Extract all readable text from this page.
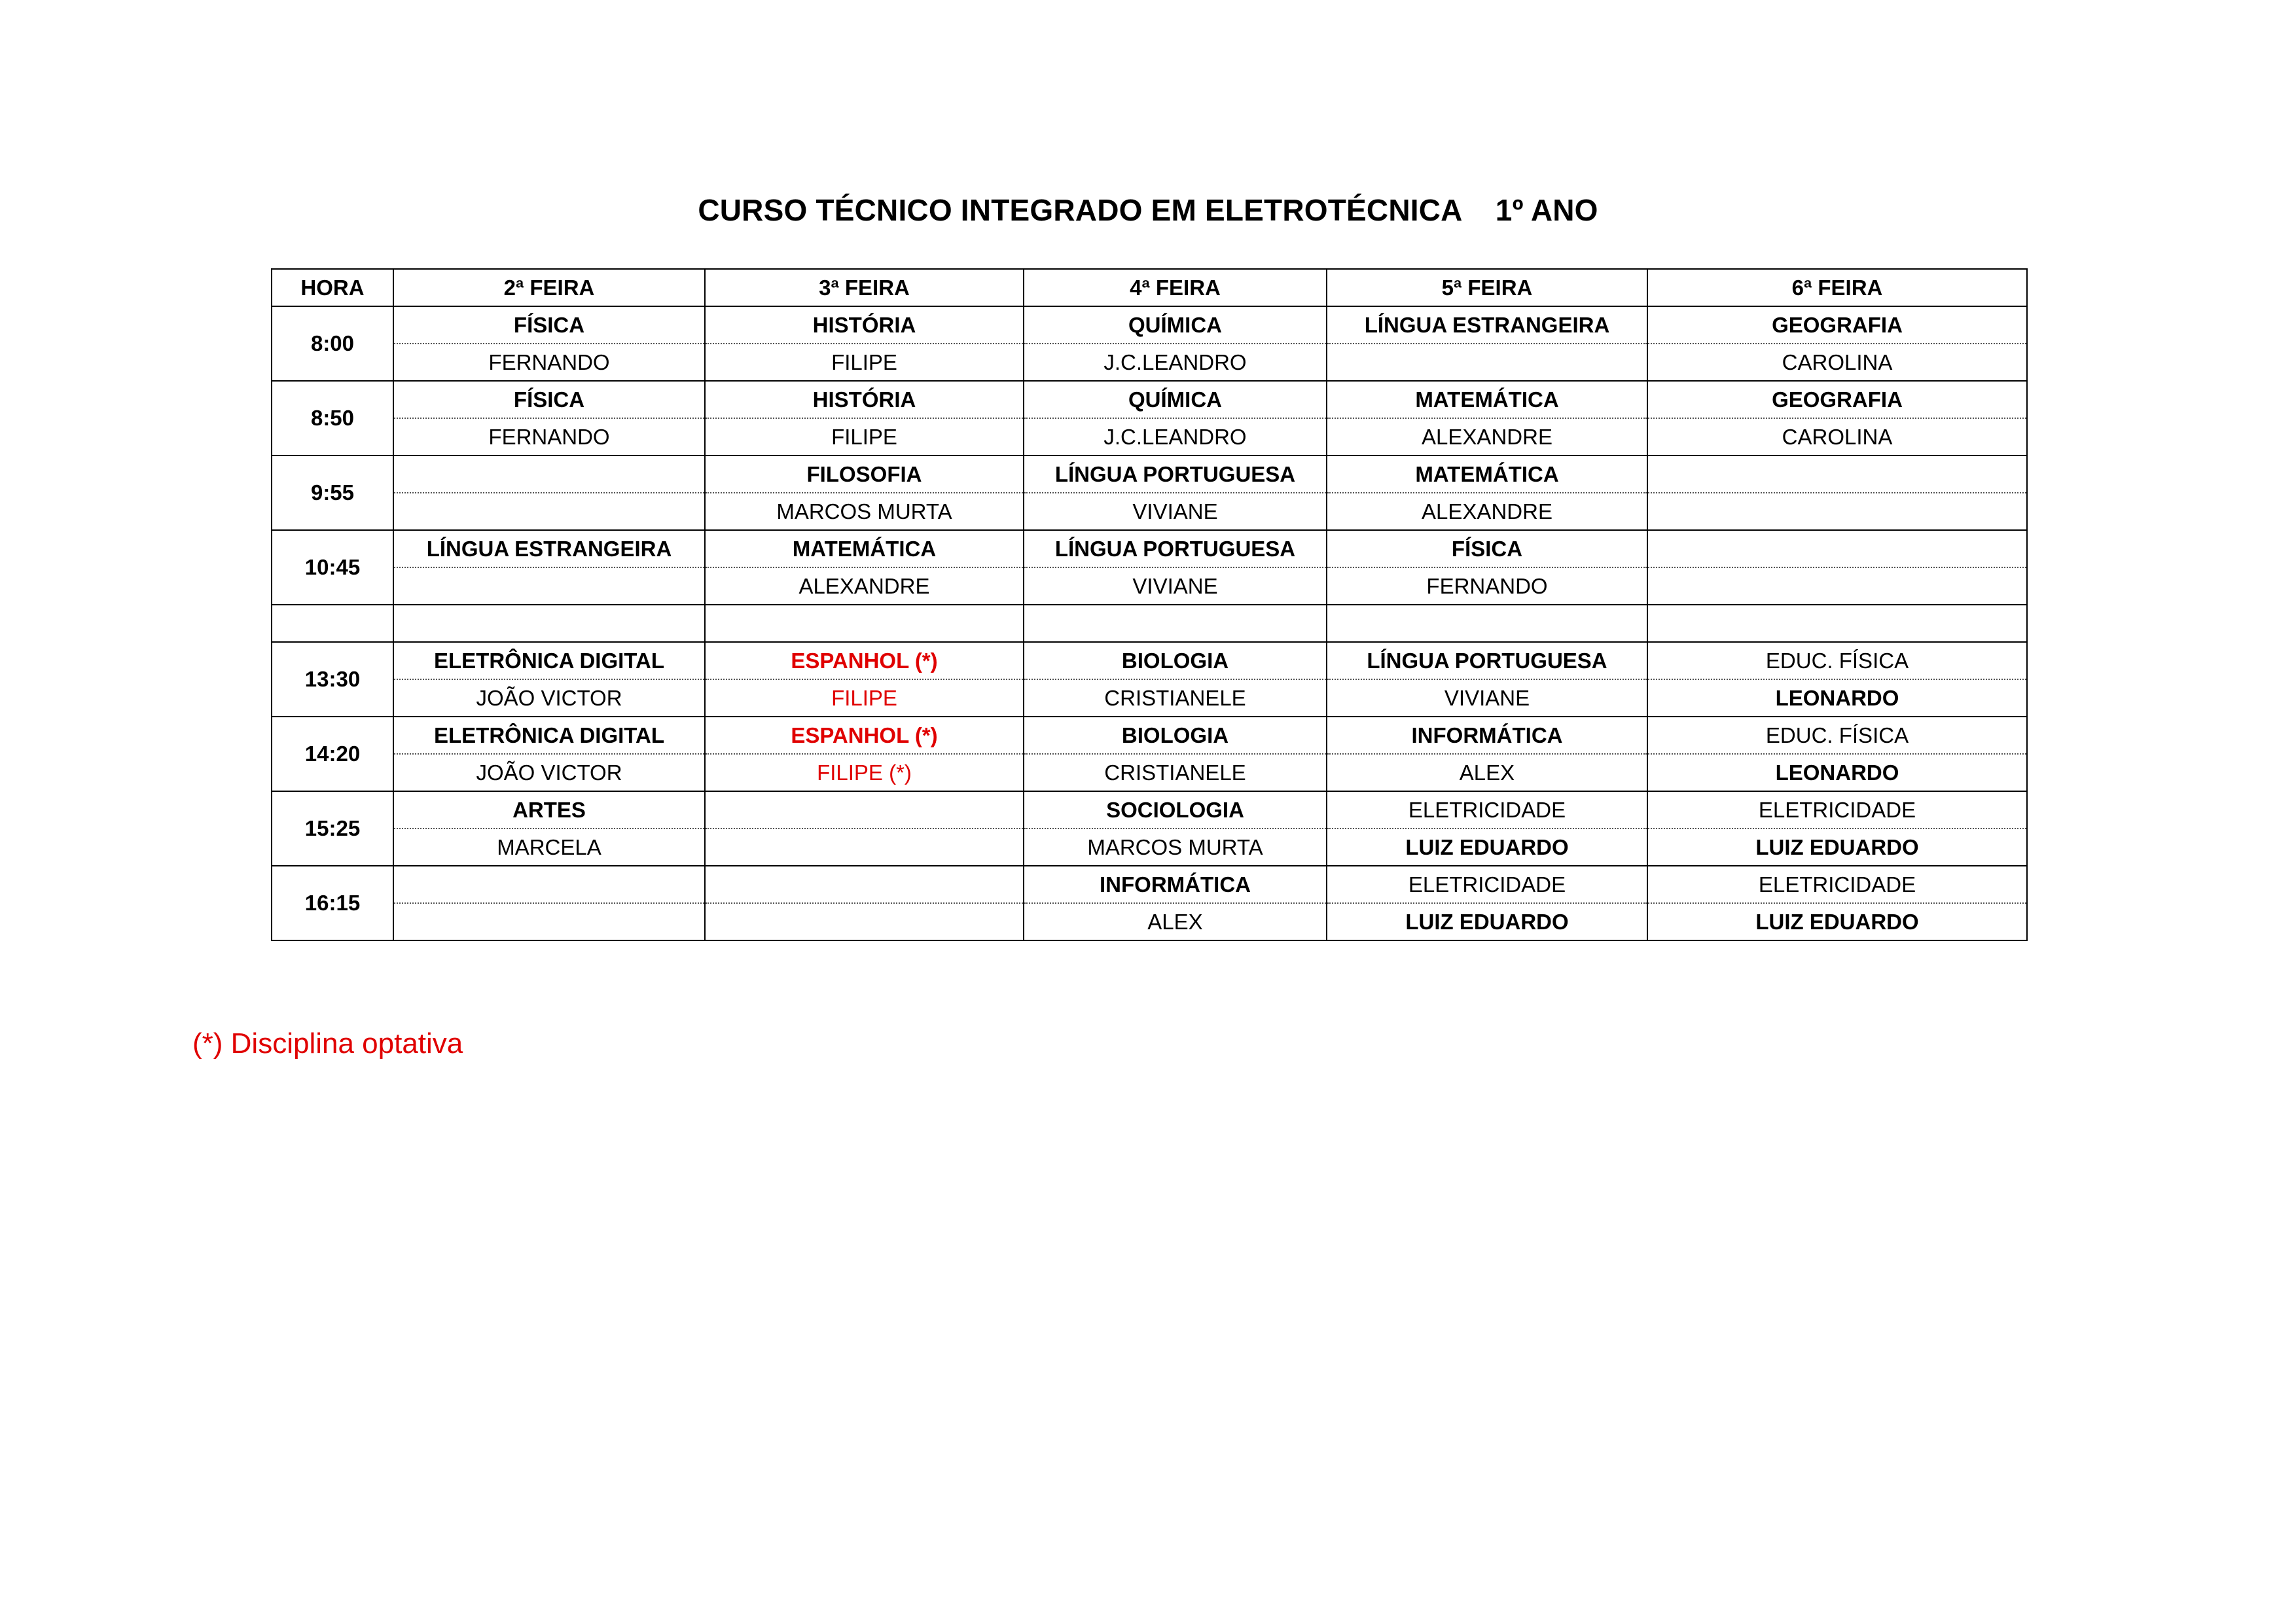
CURSO TÉCNICO INTEGRADO EM ELETROTÉCNICA    1º ANO
HORA	2ª FEIRA	3ª FEIRA	4ª FEIRA	5ª FEIRA	6ª FEIRA
8:00	FÍSICA	HISTÓRIA	QUÍMICA	LÍNGUA ESTRANGEIRA	GEOGRAFIA
	FERNANDO	FILIPE	J.C.LEANDRO		CAROLINA
8:50	FÍSICA	HISTÓRIA	QUÍMICA	MATEMÁTICA	GEOGRAFIA
	FERNANDO	FILIPE	J.C.LEANDRO	ALEXANDRE	CAROLINA
9:55		FILOSOFIA	LÍNGUA PORTUGUESA	MATEMÁTICA	
		MARCOS MURTA	VIVIANE	ALEXANDRE	
10:45	LÍNGUA ESTRANGEIRA	MATEMÁTICA	LÍNGUA PORTUGUESA	FÍSICA	
		ALEXANDRE	VIVIANE	FERNANDO	

13:30	ELETRÔNICA DIGITAL	ESPANHOL (*)	BIOLOGIA	LÍNGUA PORTUGUESA	EDUC. FÍSICA
	JOÃO VICTOR	FILIPE	CRISTIANELE	VIVIANE	LEONARDO
14:20	ELETRÔNICA DIGITAL	ESPANHOL (*)	BIOLOGIA	INFORMÁTICA	EDUC. FÍSICA
	JOÃO VICTOR	FILIPE (*)	CRISTIANELE	ALEX	LEONARDO
15:25	ARTES		SOCIOLOGIA	ELETRICIDADE	ELETRICIDADE
	MARCELA		MARCOS MURTA	LUIZ EDUARDO	LUIZ EDUARDO
16:15			INFORMÁTICA	ELETRICIDADE	ELETRICIDADE
			ALEX	LUIZ EDUARDO	LUIZ EDUARDO
(*) Disciplina optativa
